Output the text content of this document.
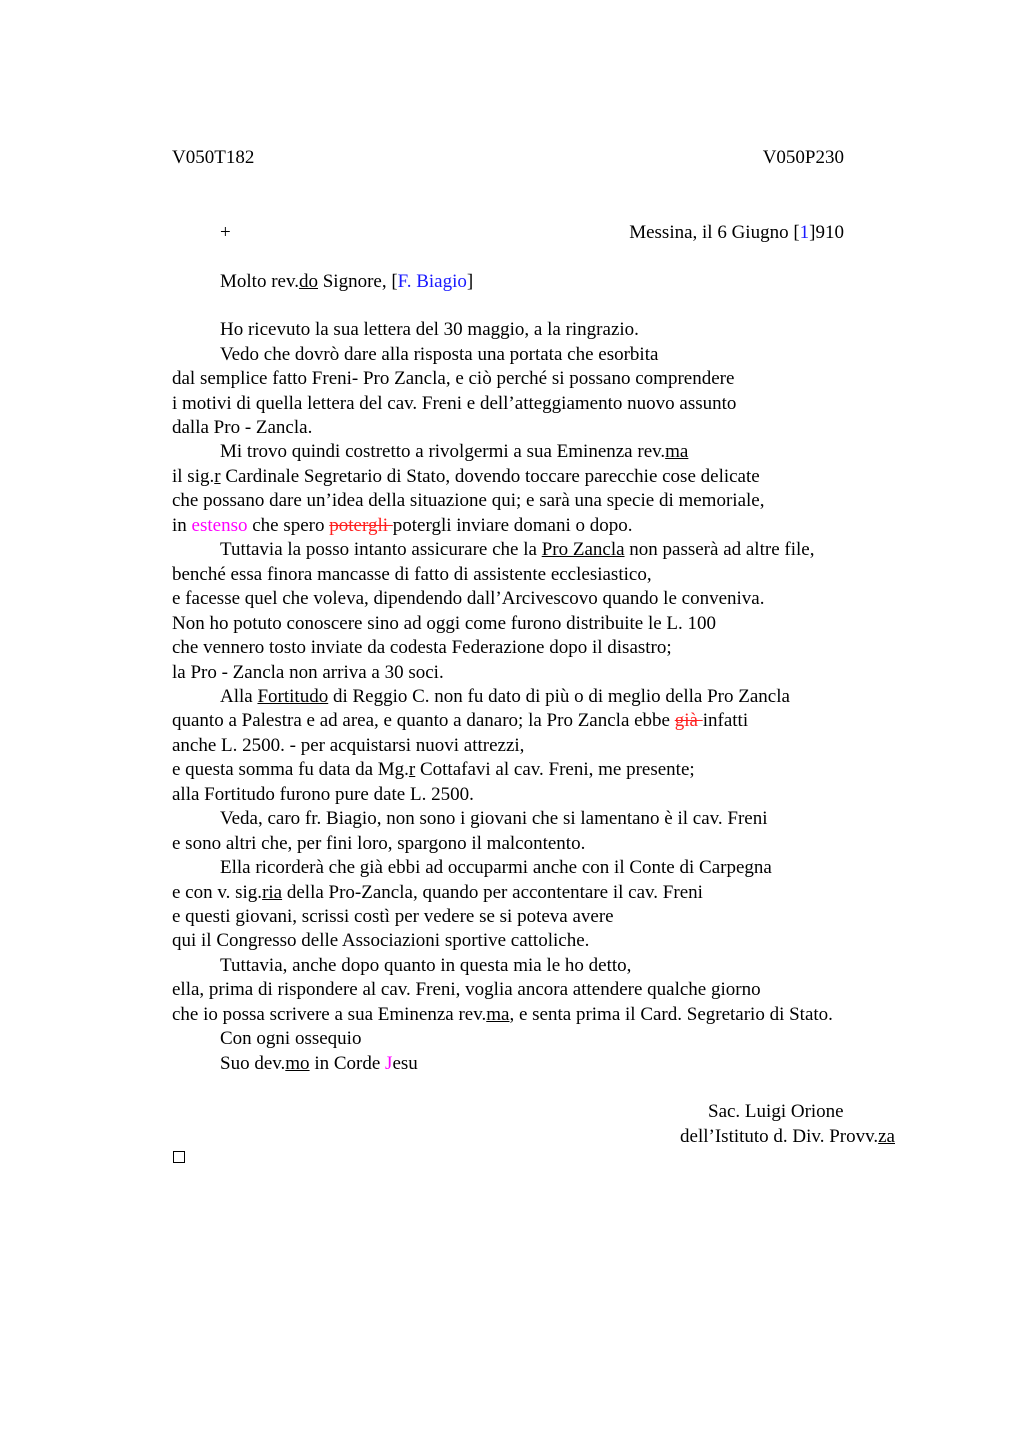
V050T182	V050P230
+	Messina, il 6 Giugno [1]910
Molto rev.do Signore, [F. Biagio]
Ho ricevuto la sua lettera del 30 maggio, a la ringrazio.
Vedo che dovrò dare alla risposta una portata che esorbita
dal semplice fatto Freni- Pro Zancla, e ciò perché si possano comprendere
i motivi di quella lettera del cav. Freni e dell’atteggiamento nuovo assunto
dalla Pro - Zancla.
Mi trovo quindi costretto a rivolgermi a sua Eminenza rev.ma
il sig.r Cardinale Segretario di Stato, dovendo toccare parecchie cose delicate
che possano dare un’idea della situazione qui; e sarà una specie di memoriale,
in estenso che spero potergli potergli inviare domani o dopo.
Tuttavia la posso intanto assicurare che la Pro Zancla non passerà ad altre file,
benché essa finora mancasse di fatto di assistente ecclesiastico,
e facesse quel che voleva, dipendendo dall’Arcivescovo quando le conveniva.
Non ho potuto conoscere sino ad oggi come furono distribuite le L. 100
che vennero tosto inviate da codesta Federazione dopo il disastro;
la Pro - Zancla non arriva a 30 soci.
Alla Fortitudo di Reggio C. non fu dato di più o di meglio della Pro Zancla
quanto a Palestra e ad area, e quanto a danaro; la Pro Zancla ebbe già infatti
anche L. 2500. - per acquistarsi nuovi attrezzi,
e questa somma fu data da Mg.r Cottafavi al cav. Freni, me presente;
alla Fortitudo furono pure date L. 2500.
Veda, caro fr. Biagio, non sono i giovani che si lamentano è il cav. Freni
e sono altri che, per fini loro, spargono il malcontento.
Ella ricorderà che già ebbi ad occuparmi anche con il Conte di Carpegna
e con v. sig.ria della Pro-Zancla, quando per accontentare il cav. Freni
e questi giovani, scrissi costì per vedere se si poteva avere
qui il Congresso delle Associazioni sportive cattoliche.
Tuttavia, anche dopo quanto in questa mia le ho detto,
ella, prima di rispondere al cav. Freni, voglia ancora attendere qualche giorno
che io possa scrivere a sua Eminenza rev.ma, e senta prima il Card. Segretario di Stato.
Con ogni ossequio
Suo dev.mo in Corde Jesu
Sac. Luigi Orione
dell’Istituto d. Div. Provv.za
